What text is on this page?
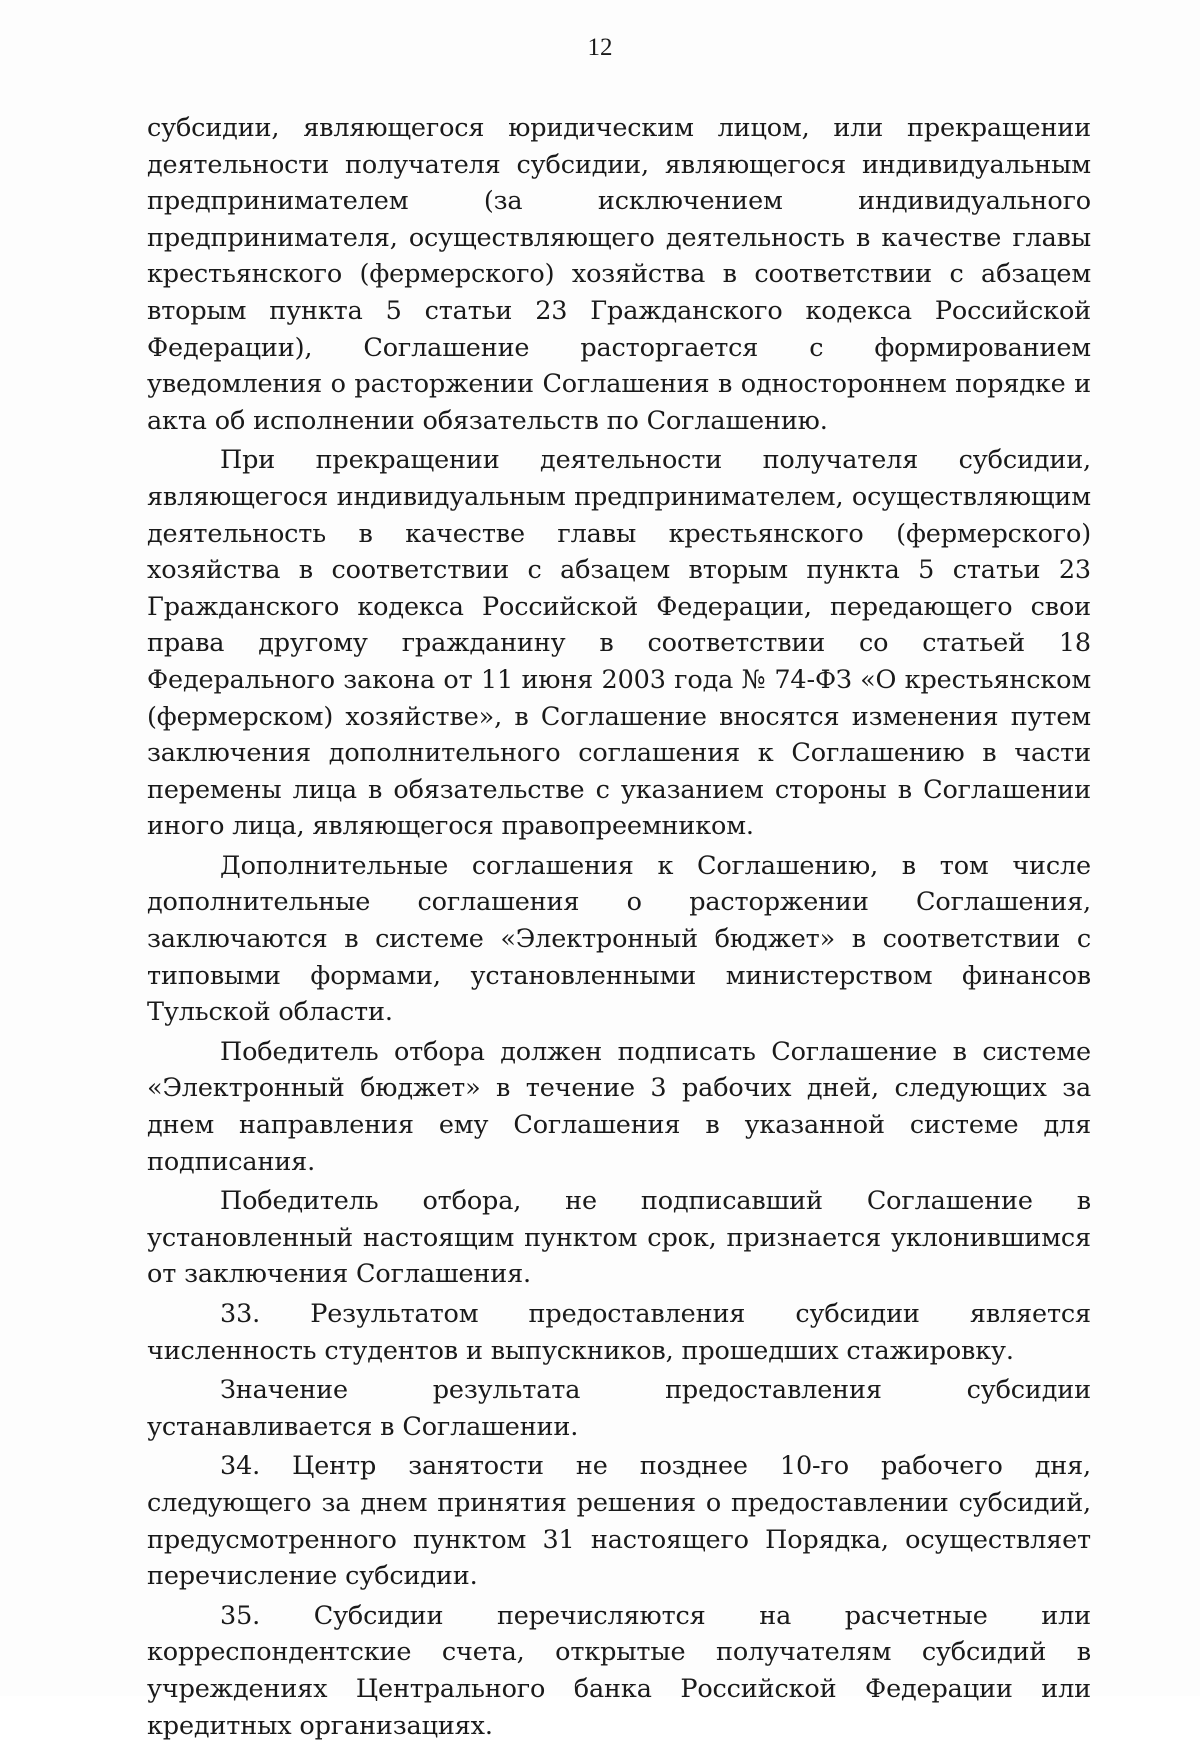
12

субсидии, являющегося юридическим лицом, или прекращении деятельности получателя субсидии, являющегося индивидуальным предпринимателем (за исключением индивидуального предпринимателя, осуществляющего деятельность в качестве главы крестьянского (фермерского) хозяйства в соответствии с абзацем вторым пункта 5 статьи 23 Гражданского кодекса Российской Федерации), Соглашение расторгается с формированием уведомления о расторжении Соглашения в одностороннем порядке и акта об исполнении обязательств по Соглашению.

При прекращении деятельности получателя субсидии, являющегося индивидуальным предпринимателем, осуществляющим деятельность в качестве главы крестьянского (фермерского) хозяйства в соответствии с абзацем вторым пункта 5 статьи 23 Гражданского кодекса Российской Федерации, передающего свои права другому гражданину в соответствии со статьей 18 Федерального закона от 11 июня 2003 года № 74-ФЗ «О крестьянском (фермерском) хозяйстве», в Соглашение вносятся изменения путем заключения дополнительного соглашения к Соглашению в части перемены лица в обязательстве с указанием стороны в Соглашении иного лица, являющегося правопреемником.

Дополнительные соглашения к Соглашению, в том числе дополнительные соглашения о расторжении Соглашения, заключаются в системе «Электронный бюджет» в соответствии с типовыми формами, установленными министерством финансов Тульской области.

Победитель отбора должен подписать Соглашение в системе «Электронный бюджет» в течение 3 рабочих дней, следующих за днем направления ему Соглашения в указанной системе для подписания.

Победитель отбора, не подписавший Соглашение в установленный настоящим пунктом срок, признается уклонившимся от заключения Соглашения.

33. Результатом предоставления субсидии является численность студентов и выпускников, прошедших стажировку.

Значение результата предоставления субсидии устанавливается в Соглашении.

34. Центр занятости не позднее 10-го рабочего дня, следующего за днем принятия решения о предоставлении субсидий, предусмотренного пунктом 31 настоящего Порядка, осуществляет перечисление субсидии.

35. Субсидии перечисляются на расчетные или корреспондентские счета, открытые получателям субсидий в учреждениях Центрального банка Российской Федерации или кредитных организациях.
